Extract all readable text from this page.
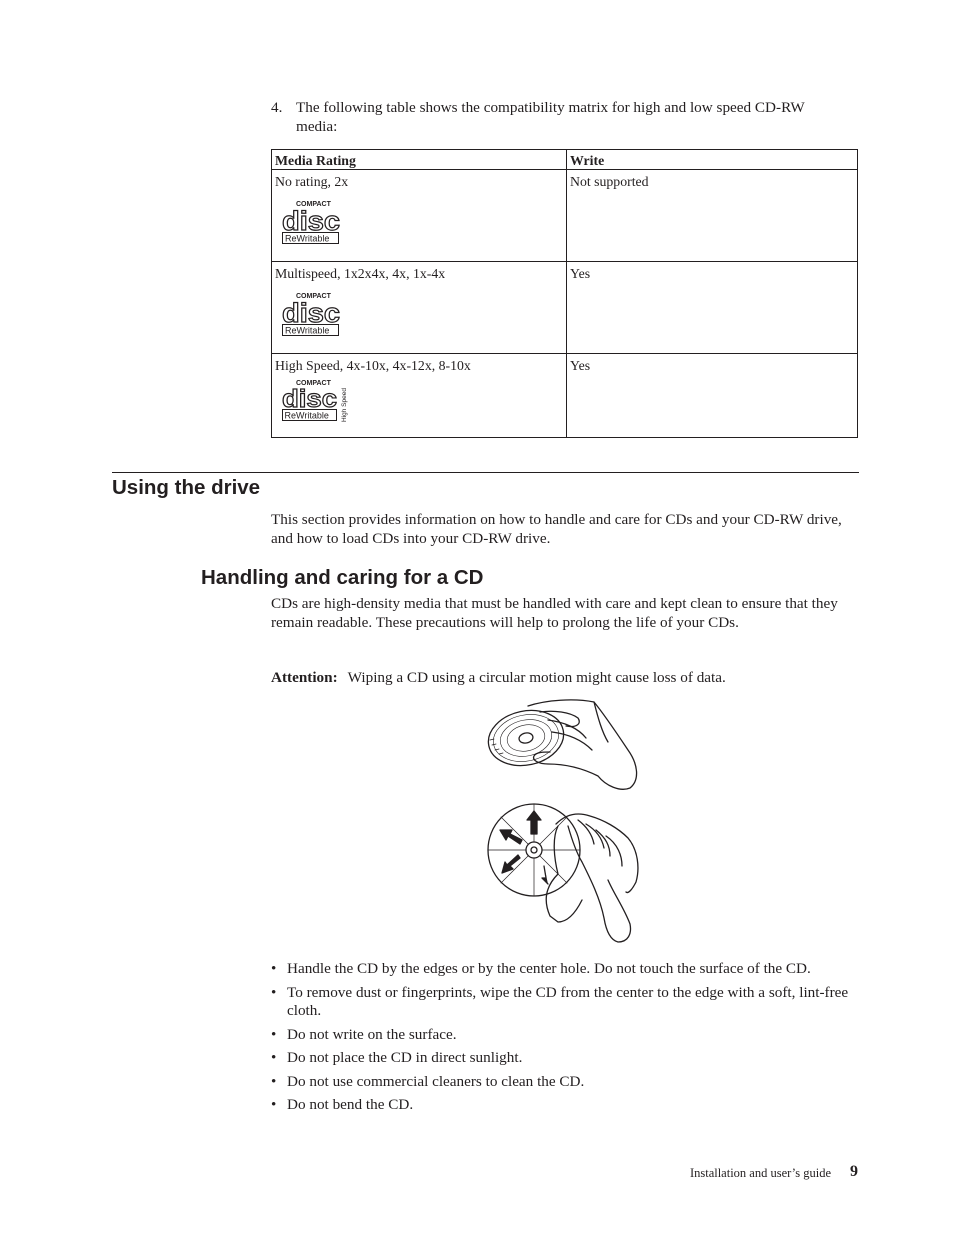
4. The following table shows the compatibility matrix for high and low speed CD-RW media:
Media Rating	Write
No rating, 2x
COMPACT
disc
ReWritable	Not supported
Multispeed, 1x2x4x, 4x, 1x-4x
COMPACT
disc
ReWritable	Yes
High Speed, 4x-10x, 4x-12x, 8-10x
COMPACT
disc
ReWritable High Speed	Yes
Using the drive
This section provides information on how to handle and care for CDs and your CD-RW drive, and how to load CDs into your CD-RW drive.
Handling and caring for a CD
CDs are high-density media that must be handled with care and kept clean to ensure that they remain readable. These precautions will help to prolong the life of your CDs.
Attention: Wiping a CD using a circular motion might cause loss of data.
• Handle the CD by the edges or by the center hole. Do not touch the surface of the CD.
• To remove dust or fingerprints, wipe the CD from the center to the edge with a soft, lint-free cloth.
• Do not write on the surface.
• Do not place the CD in direct sunlight.
• Do not use commercial cleaners to clean the CD.
• Do not bend the CD.
Installation and user’s guide 9
